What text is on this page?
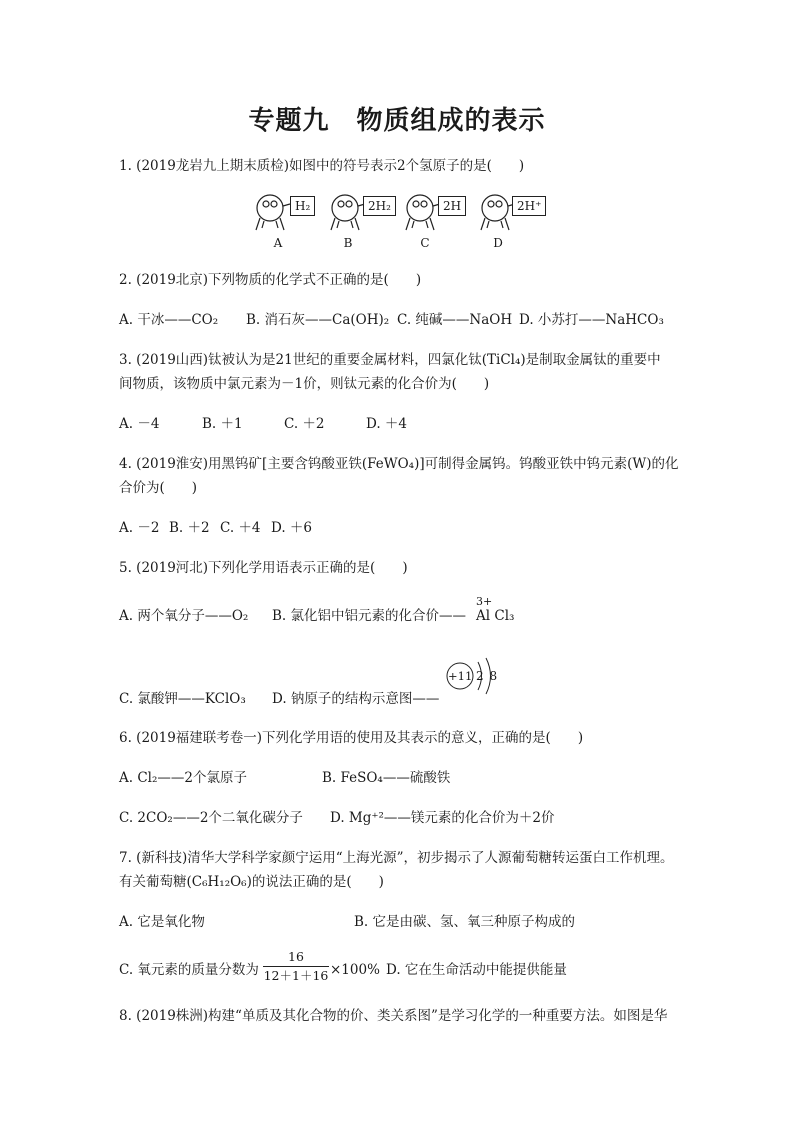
专题九　物质组成的表示
1. (2019龙岩九上期末质检)如图中的符号表示2个氢原子的是(　　)
H₂	2H₂	2H	2H⁺
A	B	C	D
2. (2019北京)下列物质的化学式不正确的是(　　)
A. 干冰——CO₂ B. 消石灰——Ca(OH)₂ C. 纯碱——NaOH D. 小苏打——NaHCO₃
3. (2019山西)钛被认为是21世纪的重要金属材料，四氯化钛(TiCl₄)是制取金属钛的重要中
间物质，该物质中氯元素为－1价，则钛元素的化合价为(　　)
A. －4	B. ＋1	C. ＋2	D. ＋4
4. (2019淮安)用黑钨矿[主要含钨酸亚铁(FeWO₄)]可制得金属钨。钨酸亚铁中钨元素(W)的化
合价为(　　)
A. －2 B. ＋2 C. ＋4 D. ＋6
5. (2019河北)下列化学用语表示正确的是(　　)
A. 两个氧分子——O₂ B. 氯化铝中铝元素的化合价——
3+
Al Cl₃
C. 氯酸钾——KClO₃ D. 钠原子的结构示意图——
+11 2 8
6. (2019福建联考卷一)下列化学用语的使用及其表示的意义，正确的是(　　)
A. Cl₂——2个氯原子	B. FeSO₄——硫酸铁
C. 2CO₂——2个二氧化碳分子 D. Mg⁺²——镁元素的化合价为＋2价
7. (新科技)清华大学科学家颜宁运用“上海光源”，初步揭示了人源葡萄糖转运蛋白工作机理。
有关葡萄糖(C₆H₁₂O₆)的说法正确的是(　　)
A. 它是氧化物	B. 它是由碳、氢、氧三种原子构成的
C. 氧元素的质量分数为 $\frac{16}{12+1+16} \times 100\%$ D. 它在生命活动中能提供能量
8. (2019株洲)构建“单质及其化合物的价、类关系图”是学习化学的一种重要方法。如图是华
